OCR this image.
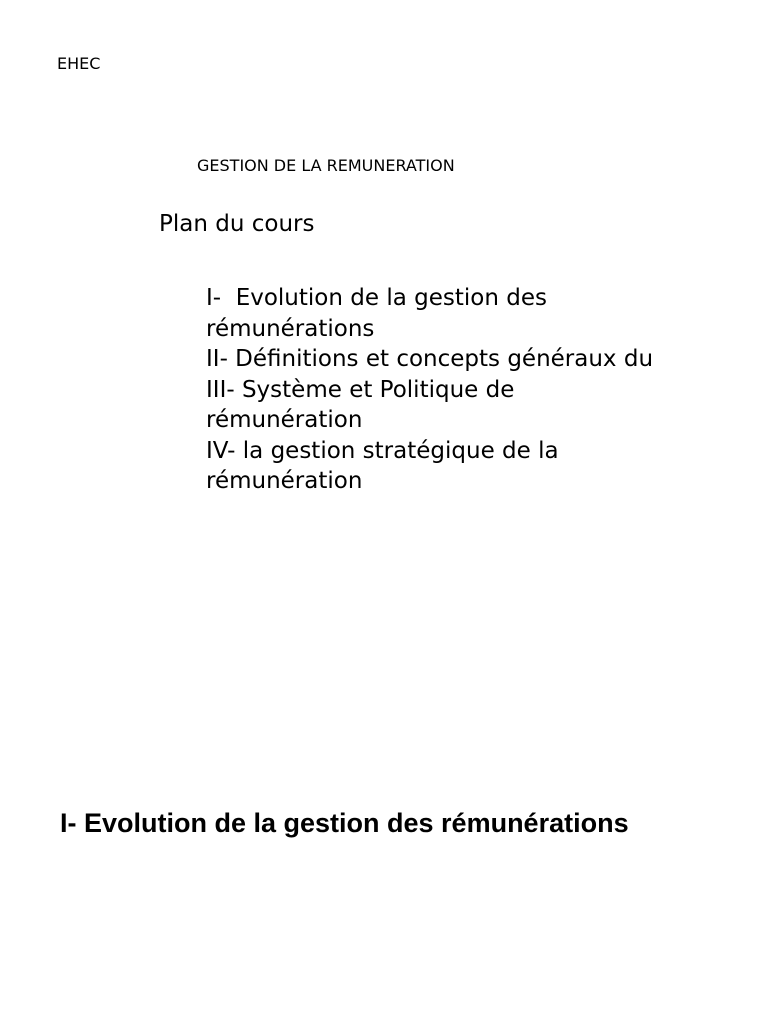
EHEC
GESTION DE LA REMUNERATION
Plan du cours
I-  Evolution de la gestion des
rémunérations
II- Définitions et concepts généraux du
III- Système et Politique de
rémunération
IV- la gestion stratégique de la
rémunération
I- Evolution de la gestion des rémunérations
